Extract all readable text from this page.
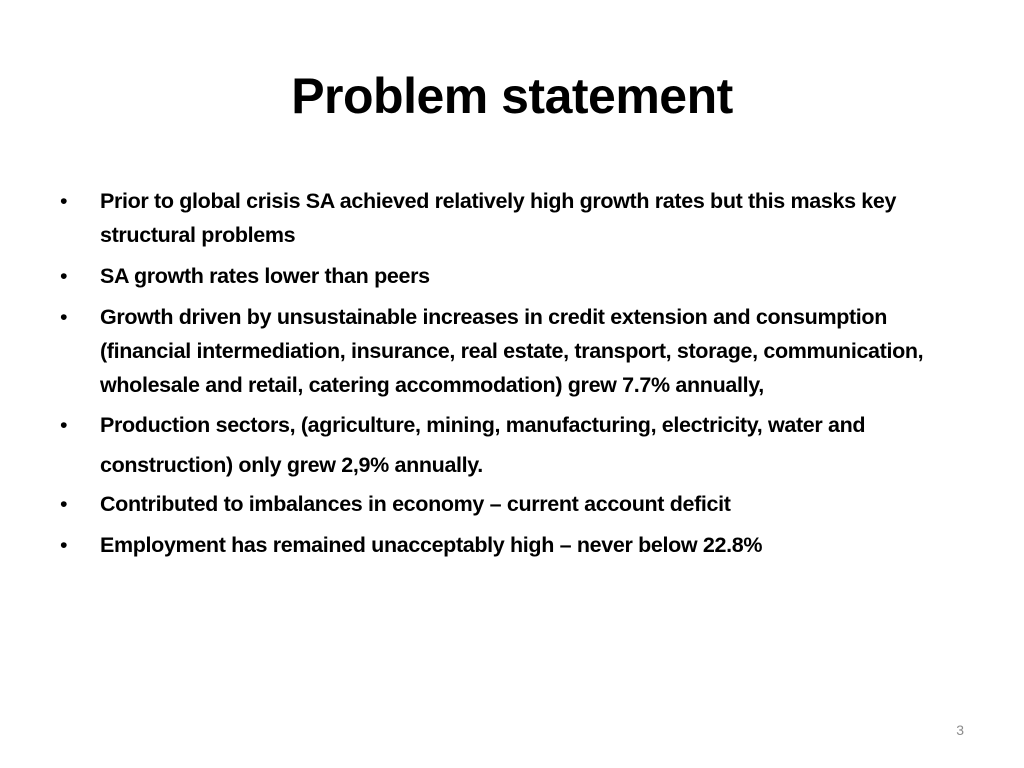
Problem statement
• Prior to global crisis SA achieved relatively high growth rates but this masks key structural problems
• SA growth rates lower than peers
• Growth driven by unsustainable increases in credit extension and consumption (financial intermediation, insurance, real estate, transport, storage, communication, wholesale and retail, catering accommodation) grew 7.7% annually,
• Production sectors, (agriculture, mining, manufacturing, electricity, water and construction) only grew 2,9% annually.
• Contributed to imbalances in economy – current account deficit
• Employment has remained unacceptably high – never below 22.8%
3
